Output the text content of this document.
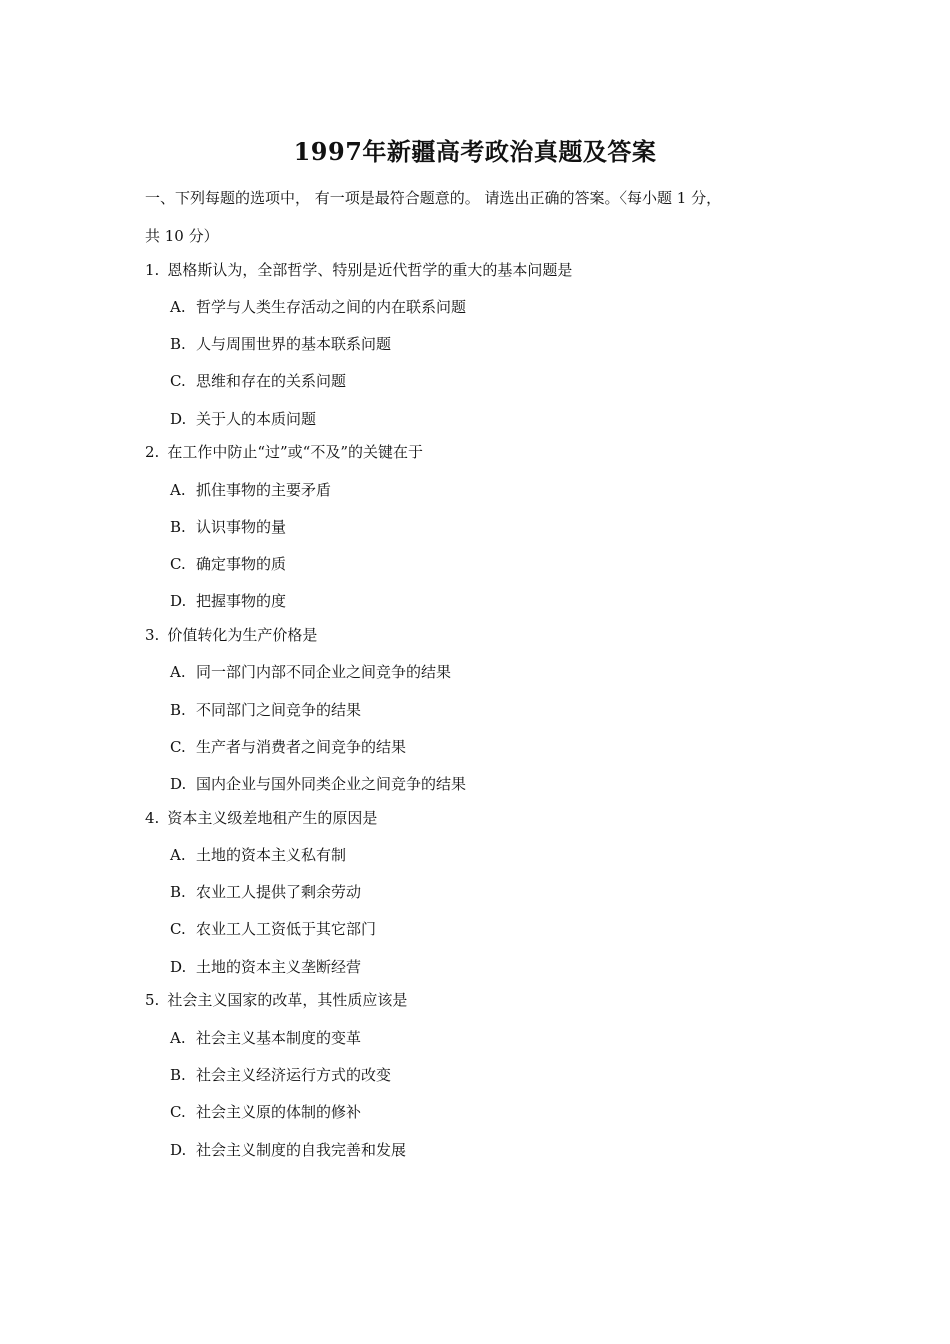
1997年新疆高考政治真题及答案
一、下列每题的选项中， 有一项是最符合题意的。 请选出正确的答案。〈每小题 1 分，
共 10 分）
1. 恩格斯认为，全部哲学、特别是近代哲学的重大的基本问题是
A. 哲学与人类生存活动之间的内在联系问题
B. 人与周围世界的基本联系问题
C. 思维和存在的关系问题
D. 关于人的本质问题
2. 在工作中防止“过”或“不及”的关键在于
A. 抓住事物的主要矛盾
B. 认识事物的量
C. 确定事物的质
D. 把握事物的度
3. 价值转化为生产价格是
A. 同一部门内部不同企业之间竞争的结果
B. 不同部门之间竞争的结果
C. 生产者与消费者之间竞争的结果
D. 国内企业与国外同类企业之间竞争的结果
4. 资本主义级差地租产生的原因是
A. 土地的资本主义私有制
B. 农业工人提供了剩余劳动
C. 农业工人工资低于其它部门
D. 土地的资本主义垄断经营
5. 社会主义国家的改革，其性质应该是
A. 社会主义基本制度的变革
B. 社会主义经济运行方式的改变
C. 社会主义原的体制的修补
D. 社会主义制度的自我完善和发展
